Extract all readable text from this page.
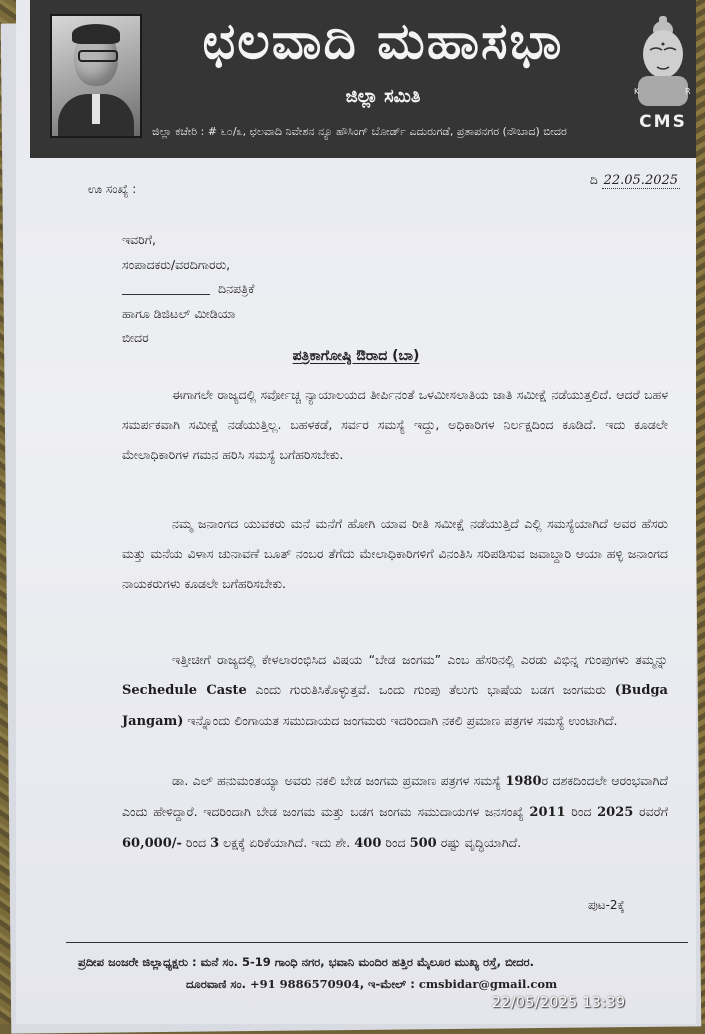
ಛಲವಾದಿ ಮಹಾಸಭಾ
ಜಿಲ್ಲಾ ಸಮಿತಿ
ಜಿಲ್ಲಾ ಕಚೇರಿ : # ೬೦/೩, ಛಲವಾದಿ ನಿವೇಶನ ನ್ಯೂ ಹೌಸಿಂಗ್ ಬೋರ್ಡ್ ಎದುರುಗಡೆ, ಪ್ರತಾಪನಗರ (ನೌಬಾದ) ಬೀದರ
K	R
CMS
ಊ ಸಂಖ್ಯೆ :
ದಿ 22.05.2025
ಇವರಿಗೆ,
ಸಂಪಾದಕರು/ವರದಿಗಾರರು,
ದಿನಪತ್ರಿಕೆ
ಹಾಗೂ ಡಿಜಿಟಲ್ ಮೀಡಿಯಾ
ಬೀದರ
ಪತ್ರಿಕಾಗೋಷ್ಠಿ ಔರಾದ (ಬಾ)
ಈಗಾಗಲೇ ರಾಜ್ಯದಲ್ಲಿ ಸರ್ವೋಚ್ಚ ನ್ಯಾಯಾಲಯದ ತೀರ್ಪಿನಂತೆ ಒಳಮೀಸಲಾತಿಯ ಜಾತಿ ಸಮೀಕ್ಷೆ ನಡೆಯುತ್ತಲಿದೆ. ಆದರೆ ಬಹಳ ಸಮರ್ಪಕವಾಗಿ ಸಮೀಕ್ಷೆ ನಡೆಯುತ್ತಿಲ್ಲ. ಬಹಳಕಡೆ, ಸರ್ವರ ಸಮಸ್ಯೆ ಇದ್ದು, ಅಧಿಕಾರಿಗಳ ನಿರ್ಲಕ್ಷದಿಂದ ಕೂಡಿದೆ. ಇದು ಕೂಡಲೇ ಮೇಲಾಧಿಕಾರಿಗಳ ಗಮನ ಹರಿಸಿ ಸಮಸ್ಯೆ ಬಗೆಹರಿಸಬೇಕು.
ನಮ್ಮ ಜನಾಂಗದ ಯುವಕರು ಮನೆ ಮನೆಗೆ ಹೋಗಿ ಯಾವ ರೀತಿ ಸಮೀಕ್ಷೆ ನಡೆಯುತ್ತಿದೆ ಎಲ್ಲಿ ಸಮಸ್ಯೆಯಾಗಿದೆ ಅವರ ಹೆಸರು ಮತ್ತು ಮನೆಯ ವಿಳಾಸ ಚುನಾವಣೆ ಬೂತ್ ನಂಬರ ತೆಗೆದು ಮೇಲಾಧಿಕಾರಿಗಳಿಗೆ ವಿನಂತಿಸಿ ಸರಿಪಡಿಸುವ ಜವಾಬ್ದಾರಿ ಆಯಾ ಹಳ್ಳಿ ಜನಾಂಗದ ನಾಯಕರುಗಳು ಕೂಡಲೇ ಬಗೆಹರಿಸಬೇಕು.
ಇತ್ತೀಚೀಗೆ ರಾಜ್ಯದಲ್ಲಿ ಕೇಳಲಾರಂಭಿಸಿದ ವಿಷಯ “ಬೇಡ ಜಂಗಮ” ಎಂಬ ಹೆಸರಿನಲ್ಲಿ ಎರಡು ವಿಭಿನ್ನ ಗುಂಪುಗಳು ತಮ್ಮನ್ನು Sechedule Caste ಎಂದು ಗುರುತಿಸಿಕೊಳ್ಳುತ್ತವೆ. ಒಂದು ಗುಂಪು ತೆಲುಗು ಭಾಷೆಯ ಬಡಗ ಜಂಗಮರು (Budga Jangam) ಇನ್ನೊಂದು ಲಿಂಗಾಯತ ಸಮುದಾಯದ ಜಂಗಮರು ಇದರಿಂದಾಗಿ ನಕಲಿ ಪ್ರಮಾಣ ಪತ್ರಗಳ ಸಮಸ್ಯೆ ಉಂಟಾಗಿದೆ.
ಡಾ. ಎಲ್ ಹನುಮಂತಯ್ಯಾ ಅವರು ನಕಲಿ ಬೇಡ ಜಂಗಮ ಪ್ರಮಾಣ ಪತ್ರಗಳ ಸಮಸ್ಯೆ 1980ರ ದಶಕದಿಂದಲೇ ಆರಂಭವಾಗಿದೆ ಎಂದು ಹೇಳಿದ್ದಾರೆ. ಇದರಿಂದಾಗಿ ಬೇಡ ಜಂಗಮ ಮತ್ತು ಬಡಗ ಜಂಗಮ ಸಮುದಾಯಗಳ ಜನಸಂಖ್ಯೆ 2011 ರಿಂದ 2025 ರವರೆಗೆ 60,000/- ರಿಂದ 3 ಲಕ್ಷಕ್ಕೆ ಏರಿಕೆಯಾಗಿದೆ. ಇದು ಶೇ. 400 ರಿಂದ 500 ರಷ್ಟು ವೃದ್ಧಿಯಾಗಿದೆ.
ಪುಟ-2ಕ್ಕೆ
ಪ್ರದೀಪ ಜಂಜರೇ ಜಿಲ್ಲಾಧ್ಯಕ್ಷರು : ಮನೆ ಸಂ. 5-19 ಗಾಂಧಿ ನಗರ, ಭವಾನಿ ಮಂದಿರ ಹತ್ತಿರ ಮೈಲೂರ ಮುಖ್ಯ ರಸ್ತೆ, ಬೀದರ.
ದೂರವಾಣಿ ಸಂ. +91 9886570904, ಇ-ಮೇಲ್ : cmsbidar@gmail.com
22/05/2025 13:39
